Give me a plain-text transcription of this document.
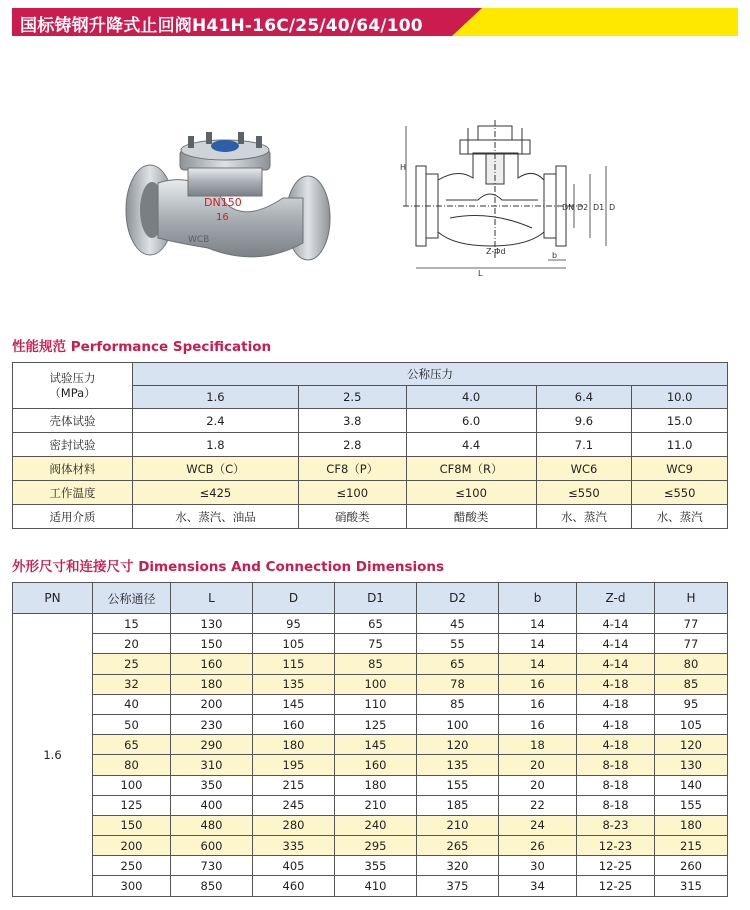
国标铸钢升降式止回阀H41H-16C/25/40/64/100
DN150
16
WCB
H
DN D2 D1 D
Z-Φd
L
b
性能规范 Performance Specification
试验压力
（MPa）	公称压力				
	1.6	2.5	4.0	6.4	10.0
壳体试验	2.4	3.8	6.0	9.6	15.0
密封试验	1.8	2.8	4.4	7.1	11.0
阀体材料	WCB（C）	CF8（P）	CF8M（R）	WC6	WC9
工作温度	≤425	≤100	≤100	≤550	≤550
适用介质	水、蒸汽、油品	硝酸类	醋酸类	水、蒸汽	水、蒸汽
外形尺寸和连接尺寸 Dimensions And Connection Dimensions
PN	公称通径	L	D	D1	D2	b	Z-d	H
1.6	15	130	95	65	45	14	4-14	77
	20	150	105	75	55	14	4-14	77
	25	160	115	85	65	14	4-14	80
	32	180	135	100	78	16	4-18	85
	40	200	145	110	85	16	4-18	95
	50	230	160	125	100	16	4-18	105
	65	290	180	145	120	18	4-18	120
	80	310	195	160	135	20	8-18	130
	100	350	215	180	155	20	8-18	140
	125	400	245	210	185	22	8-18	155
	150	480	280	240	210	24	8-23	180
	200	600	335	295	265	26	12-23	215
	250	730	405	355	320	30	12-25	260
	300	850	460	410	375	34	12-25	315
